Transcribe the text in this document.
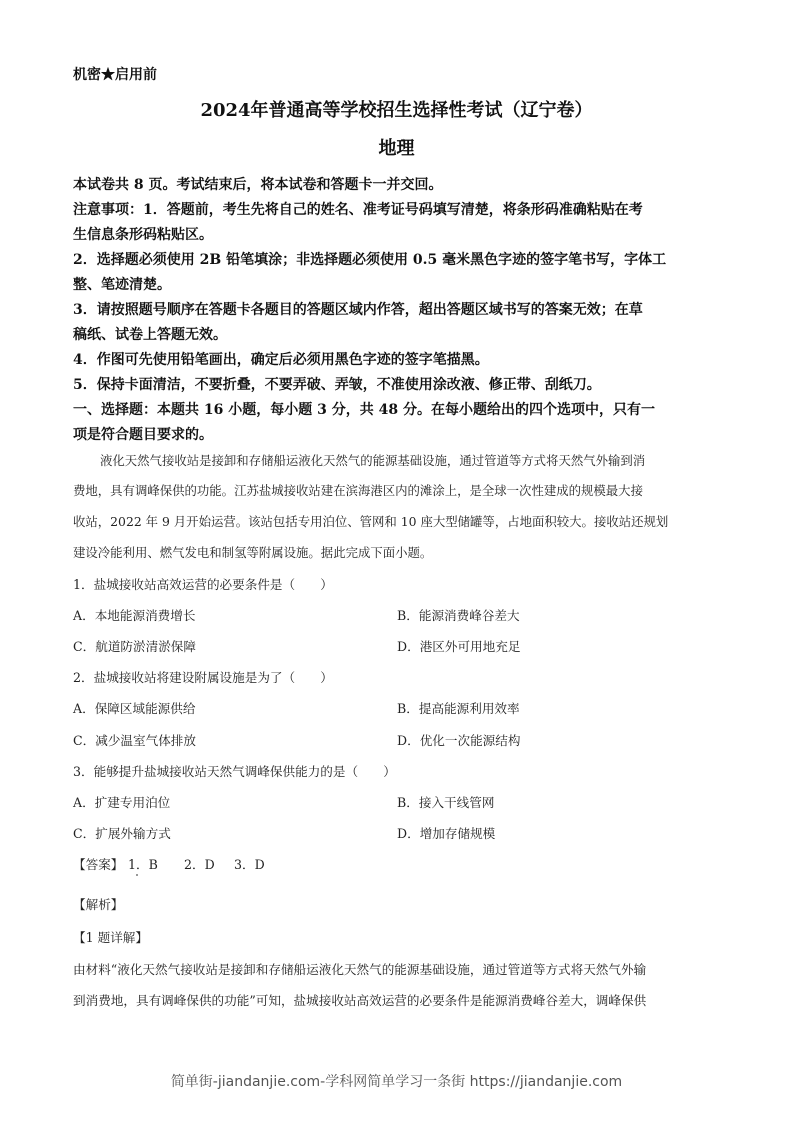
机密★启用前
2024年普通高等学校招生选择性考试（辽宁卷）
地理
本试卷共 8 页。考试结束后，将本试卷和答题卡一并交回。
注意事项：1．答题前，考生先将自己的姓名、准考证号码填写清楚，将条形码准确粘贴在考
生信息条形码粘贴区。
2．选择题必须使用 2B 铅笔填涂；非选择题必须使用 0.5 毫米黑色字迹的签字笔书写，字体工
整、笔迹清楚。
3．请按照题号顺序在答题卡各题目的答题区域内作答，超出答题区域书写的答案无效；在草
稿纸、试卷上答题无效。
4．作图可先使用铅笔画出，确定后必须用黑色字迹的签字笔描黑。
5．保持卡面清洁，不要折叠，不要弄破、弄皱，不准使用涂改液、修正带、刮纸刀。
一、选择题：本题共 16 小题，每小题 3 分，共 48 分。在每小题给出的四个选项中，只有一
项是符合题目要求的。
液化天然气接收站是接卸和存储船运液化天然气的能源基础设施，通过管道等方式将天然气外输到消
费地，具有调峰保供的功能。江苏盐城接收站建在滨海港区内的滩涂上，是全球一次性建成的规模最大接
收站，2022 年 9 月开始运营。该站包括专用泊位、管网和 10 座大型储罐等，占地面积较大。接收站还规划
建设冷能利用、燃气发电和制氢等附属设施。据此完成下面小题。
1．盐城接收站高效运营的必要条件是（　　）
A．本地能源消费增长	B．能源消费峰谷差大
C．航道防淤清淤保障	D．港区外可用地充足
2．盐城接收站将建设附属设施是为了（　　）
A．保障区域能源供给	B．提高能源利用效率
C．减少温室气体排放	D．优化一次能源结构
3．能够提升盐城接收站天然气调峰保供能力的是（　　）
A．扩建专用泊位	B．接入干线管网
C．扩展外输方式	D．增加存储规模
【答案】 1．B 2．D 3．D
【解析】
【1 题详解】
由材料“液化天然气接收站是接卸和存储船运液化天然气的能源基础设施，通过管道等方式将天然气外输
到消费地，具有调峰保供的功能”可知，盐城接收站高效运营的必要条件是能源消费峰谷差大，调峰保供
简单街-jiandanjie.com-学科网简单学习一条街 https://jiandanjie.com
